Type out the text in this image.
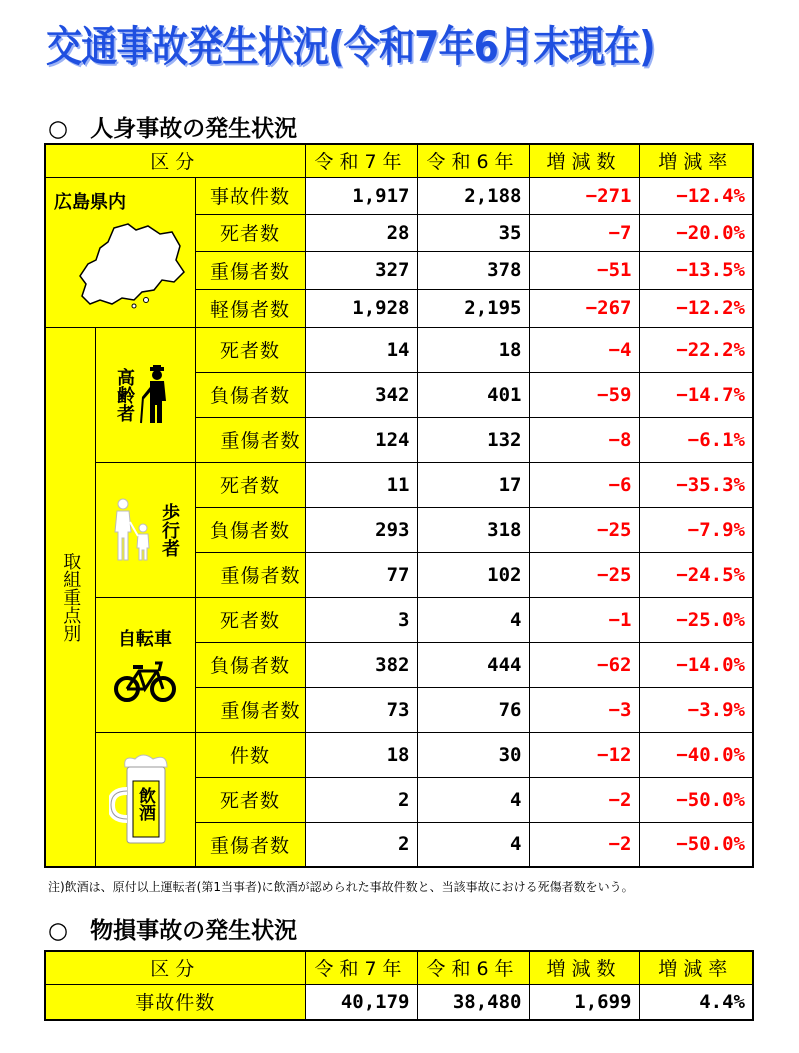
交通事故発生状況(令和7年6月末現在)
○ 人身事故の発生状況
区分			令和7年	令和6年	増減数	増減率

広島県内		事故件数	1,917	2,188	−271	−12.4%
		死者数	28	35	−7	−20.0%
		重傷者数	327	378	−51	−13.5%
		軽傷者数	1,928	2,195	−267	−12.2%

取組重点別	高齢者	死者数	14	18	−4	−22.2%
		負傷者数	342	401	−59	−14.7%
		重傷者数	124	132	−8	−6.1%

	歩行者	死者数	11	17	−6	−35.3%
		負傷者数	293	318	−25	−7.9%
		重傷者数	77	102	−25	−24.5%

	自転車	死者数	3	4	−1	−25.0%
		負傷者数	382	444	−62	−14.0%
		重傷者数	73	76	−3	−3.9%

	飲酒	件数	18	30	−12	−40.0%
		死者数	2	4	−2	−50.0%
		重傷者数	2	4	−2	−50.0%
注)飲酒は、原付以上運転者(第1当事者)に飲酒が認められた事故件数と、当該事故における死傷者数をいう。
○ 物損事故の発生状況
区分	令和7年	令和6年	増減数	増減率
事故件数	40,179	38,480	1,699	4.4%
